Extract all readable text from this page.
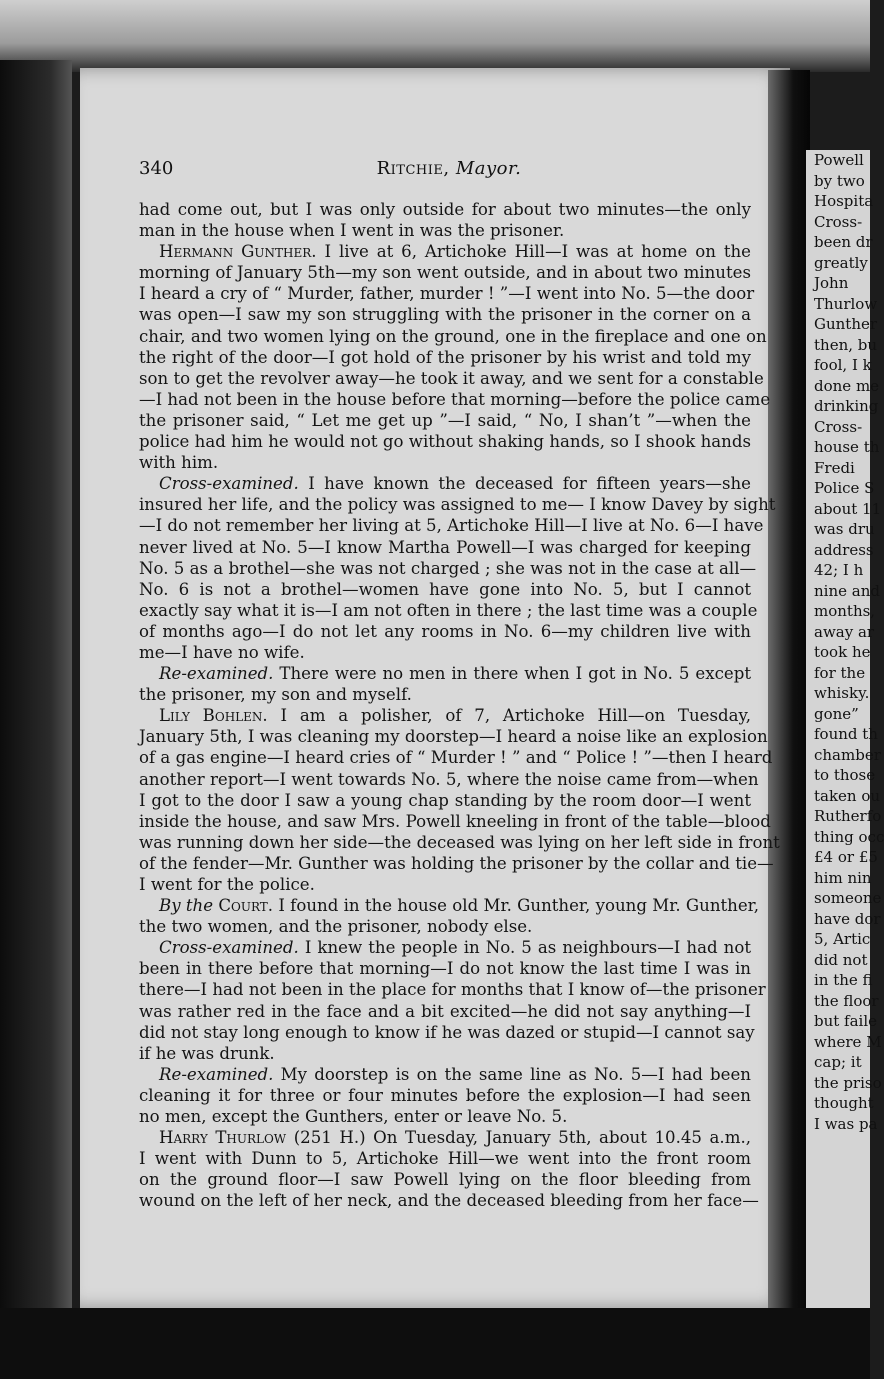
Powell
by two
Hospita
Cross-
been dr
greatly
John
Thurlow
Gunther
then, bu
fool, I k
done me
drinking
Cross-
house th
Fredi
Police S
about 11
was dru
address
42; I h
nine and
months,
away ar
took he
for the
whisky.
gone”
found th
chamber
to those
taken ou
Rutherfo
thing occ
£4 or £5
him nin
someone
have dor
5, Artic
did not
in the fi
the floor
but faile
where M
cap; it
the priso
thought
I was pa
340	Ritchie, Mayor.
had come out, but I was only outside for about two minutes—the only
man in the house when I went in was the prisoner.
Hermann Gunther. I live at 6, Artichoke Hill—I was at home on the
morning of January 5th—my son went outside, and in about two minutes
I heard a cry of “ Murder, father, murder ! ”—I went into No. 5—the door
was open—I saw my son struggling with the prisoner in the corner on a
chair, and two women lying on the ground, one in the fireplace and one on
the right of the door—I got hold of the prisoner by his wrist and told my
son to get the revolver away—he took it away, and we sent for a constable
—I had not been in the house before that morning—before the police came
the prisoner said, “ Let me get up ”—I said, “ No, I shan’t ”—when the
police had him he would not go without shaking hands, so I shook hands
with him.
Cross-examined. I have known the deceased for fifteen years—she
insured her life, and the policy was assigned to me— I know Davey by sight
—I do not remember her living at 5, Artichoke Hill—I live at No. 6—I have
never lived at No. 5—I know Martha Powell—I was charged for keeping
No. 5 as a brothel—she was not charged ; she was not in the case at all—
No. 6 is not a brothel—women have gone into No. 5, but I cannot
exactly say what it is—I am not often in there ; the last time was a couple
of months ago—I do not let any rooms in No. 6—my children live with
me—I have no wife.
Re-examined. There were no men in there when I got in No. 5 except
the prisoner, my son and myself.
Lily Bohlen. I am a polisher, of 7, Artichoke Hill—on Tuesday,
January 5th, I was cleaning my doorstep—I heard a noise like an explosion
of a gas engine—I heard cries of “ Murder ! ” and “ Police ! ”—then I heard
another report—I went towards No. 5, where the noise came from—when
I got to the door I saw a young chap standing by the room door—I went
inside the house, and saw Mrs. Powell kneeling in front of the table—blood
was running down her side—the deceased was lying on her left side in front
of the fender—Mr. Gunther was holding the prisoner by the collar and tie—
I went for the police.
By the Court. I found in the house old Mr. Gunther, young Mr. Gunther,
the two women, and the prisoner, nobody else.
Cross-examined. I knew the people in No. 5 as neighbours—I had not
been in there before that morning—I do not know the last time I was in
there—I had not been in the place for months that I know of—the prisoner
was rather red in the face and a bit excited—he did not say anything—I
did not stay long enough to know if he was dazed or stupid—I cannot say
if he was drunk.
Re-examined. My doorstep is on the same line as No. 5—I had been
cleaning it for three or four minutes before the explosion—I had seen
no men, except the Gunthers, enter or leave No. 5.
Harry Thurlow (251 H.) On Tuesday, January 5th, about 10.45 a.m.,
I went with Dunn to 5, Artichoke Hill—we went into the front room
on the ground floor—I saw Powell lying on the floor bleeding from
wound on the left of her neck, and the deceased bleeding from her face—
